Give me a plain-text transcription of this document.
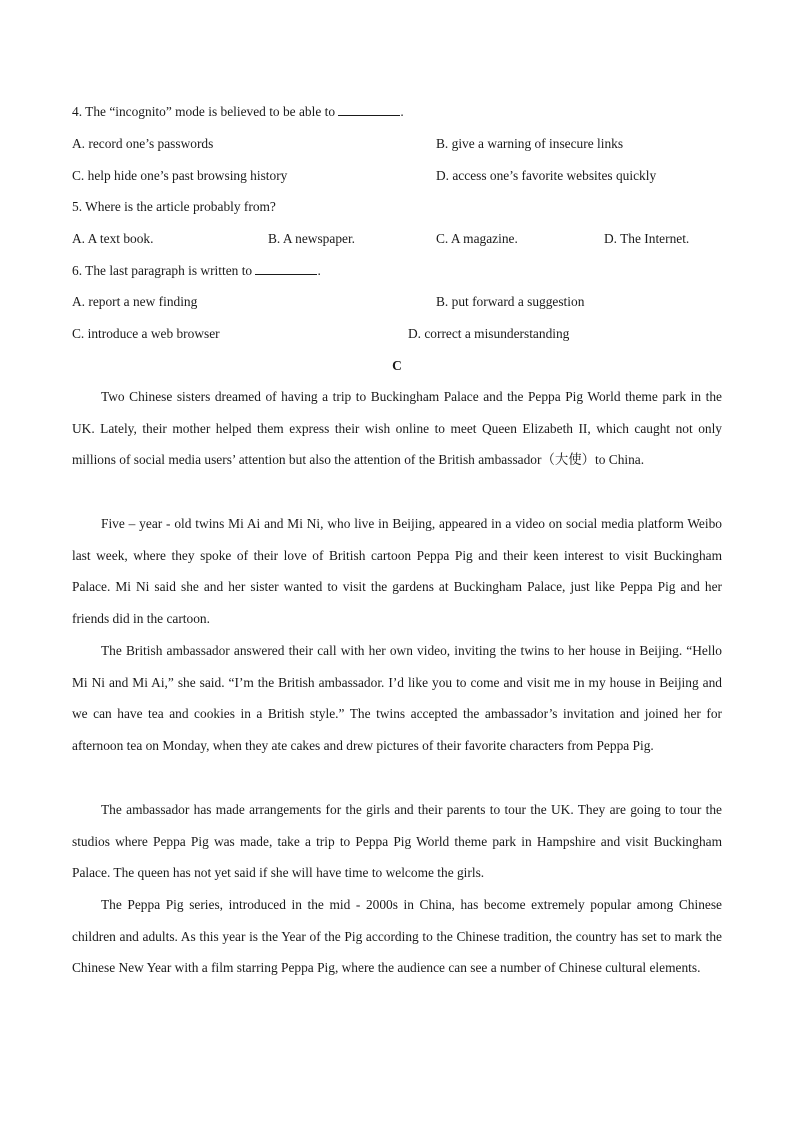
4. The “incognito” mode is believed to be able to	.
A. record one’s passwords	B. give a warning of insecure links
C. help hide one’s past browsing history	D. access one’s favorite websites quickly
5. Where is the article probably from?
A. A text book.	B. A newspaper.	C. A magazine.	D. The Internet.
6. The last paragraph is written to	.
A. report a new finding	B. put forward a suggestion
C. introduce a web browser	D. correct a misunderstanding
C

Two Chinese sisters dreamed of having a trip to Buckingham Palace and the Peppa Pig World theme park in the UK. Lately, their mother helped them express their wish online to meet Queen Elizabeth II, which caught not only millions of social media users’ attention but also the attention of the British ambassador（大使）to China.

Five – year - old twins Mi Ai and Mi Ni, who live in Beijing, appeared in a video on social media platform Weibo last week, where they spoke of their love of British cartoon Peppa Pig and their keen interest to visit Buckingham Palace. Mi Ni said she and her sister wanted to visit the gardens at Buckingham Palace, just like Peppa Pig and her friends did in the cartoon.

The British ambassador answered their call with her own video, inviting the twins to her house in Beijing. “Hello Mi Ni and Mi Ai,” she said. “I’m the British ambassador. I’d like you to come and visit me in my house in Beijing and we can have tea and cookies in a British style.” The twins accepted the ambassador’s invitation and joined her for afternoon tea on Monday, when they ate cakes and drew pictures of their favorite characters from Peppa Pig.

The ambassador has made arrangements for the girls and their parents to tour the UK. They are going to tour the studios where Peppa Pig was made, take a trip to Peppa Pig World theme park in Hampshire and visit Buckingham Palace. The queen has not yet said if she will have time to welcome the girls.

The Peppa Pig series, introduced in the mid - 2000s in China, has become extremely popular among Chinese children and adults. As this year is the Year of the Pig according to the Chinese tradition, the country has set to mark the Chinese New Year with a film starring Peppa Pig, where the audience can see a number of Chinese cultural elements.
